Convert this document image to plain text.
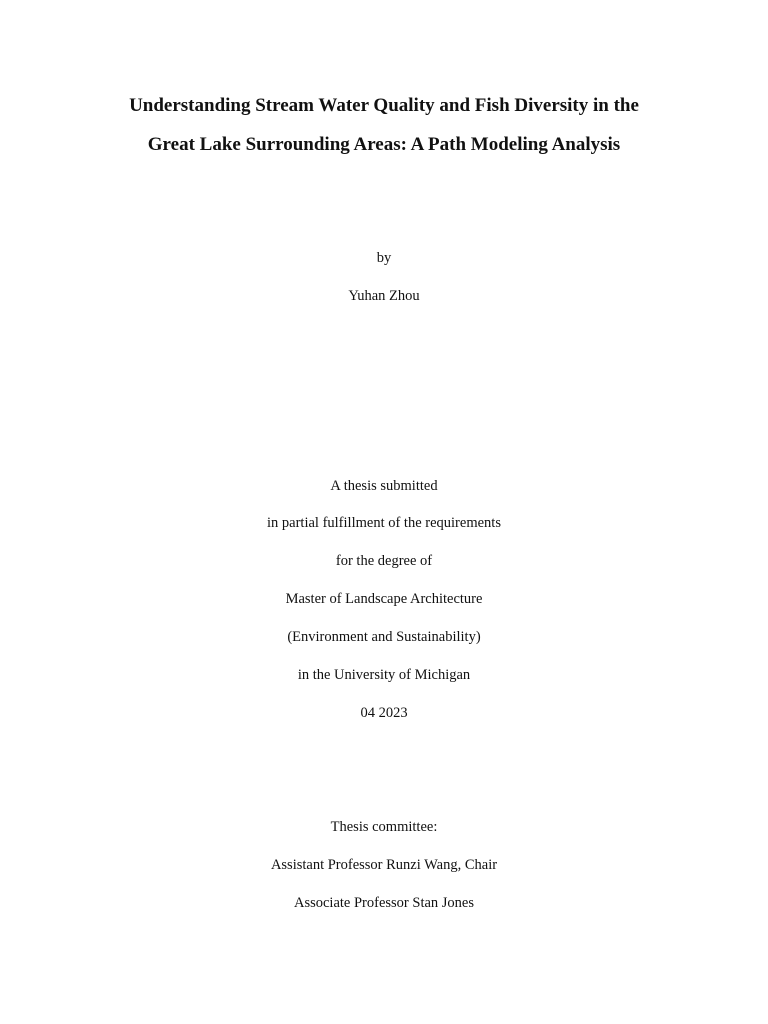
Understanding Stream Water Quality and Fish Diversity in the
Great Lake Surrounding Areas: A Path Modeling Analysis
by
Yuhan Zhou
A thesis submitted
in partial fulfillment of the requirements
for the degree of
Master of Landscape Architecture
(Environment and Sustainability)
in the University of Michigan
04 2023
Thesis committee:
Assistant Professor Runzi Wang, Chair
Associate Professor Stan Jones
